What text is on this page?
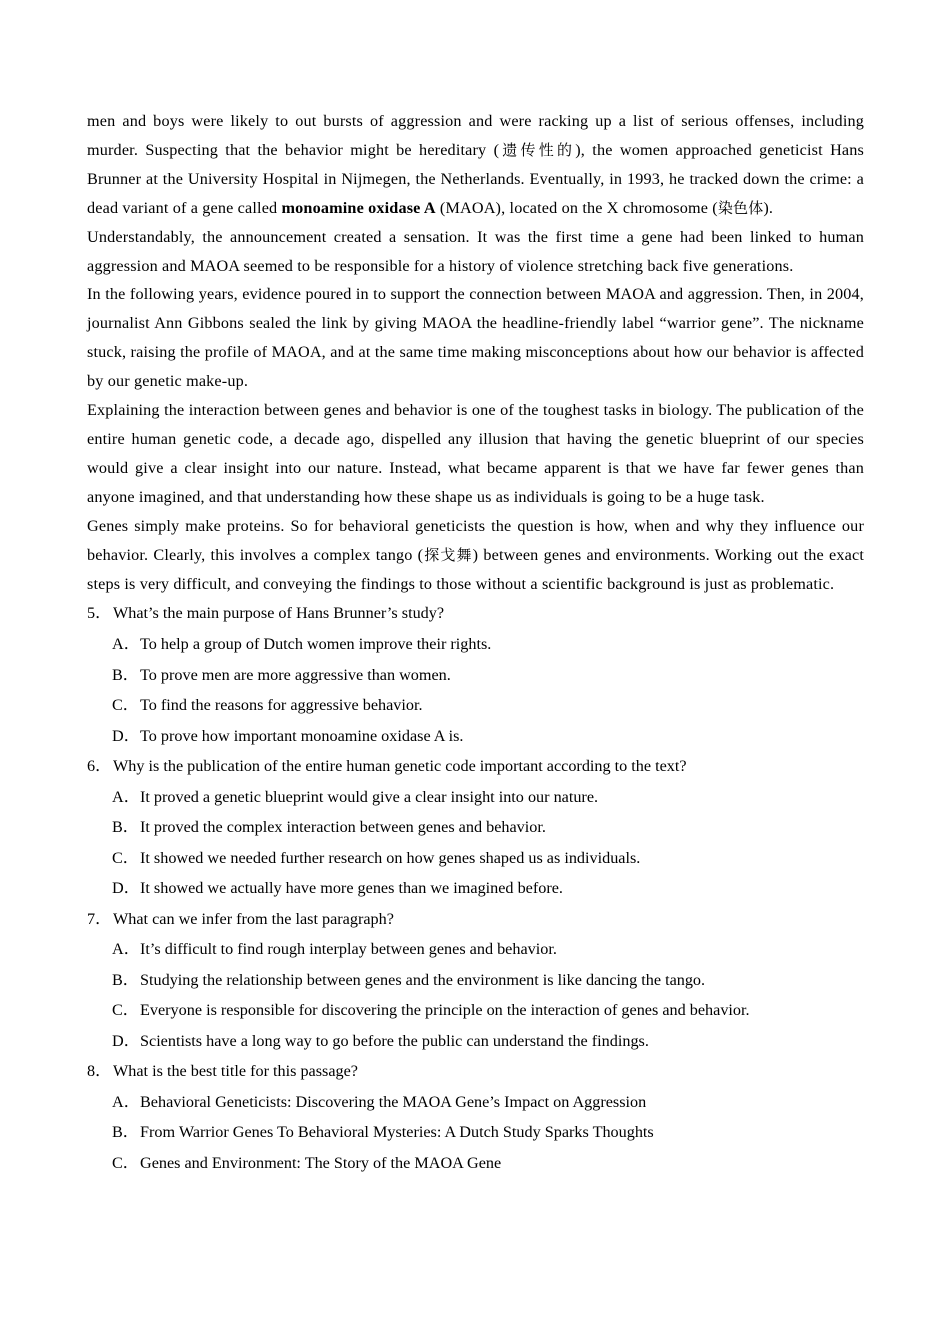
men and boys were likely to out bursts of aggression and were racking up a list of serious offenses, including murder. Suspecting that the behavior might be hereditary (遗传性的), the women approached geneticist Hans Brunner at the University Hospital in Nijmegen, the Netherlands. Eventually, in 1993, he tracked down the crime: a dead variant of a gene called monoamine oxidase A (MAOA), located on the X chromosome (染色体).

Understandably, the announcement created a sensation. It was the first time a gene had been linked to human aggression and MAOA seemed to be responsible for a history of violence stretching back five generations.

In the following years, evidence poured in to support the connection between MAOA and aggression. Then, in 2004, journalist Ann Gibbons sealed the link by giving MAOA the headline-friendly label “warrior gene”. The nickname stuck, raising the profile of MAOA, and at the same time making misconceptions about how our behavior is affected by our genetic make-up.

Explaining the interaction between genes and behavior is one of the toughest tasks in biology. The publication of the entire human genetic code, a decade ago, dispelled any illusion that having the genetic blueprint of our species would give a clear insight into our nature. Instead, what became apparent is that we have far fewer genes than anyone imagined, and that understanding how these shape us as individuals is going to be a huge task.

Genes simply make proteins. So for behavioral geneticists the question is how, when and why they influence our behavior. Clearly, this involves a complex tango (探戈舞) between genes and environments. Working out the exact steps is very difficult, and conveying the findings to those without a scientific background is just as problematic.

5． What’s the main purpose of Hans Brunner’s study?
A．To help a group of Dutch women improve their rights.
B．To prove men are more aggressive than women.
C．To find the reasons for aggressive behavior.
D．To prove how important monoamine oxidase A is.
6． Why is the publication of the entire human genetic code important according to the text?
A．It proved a genetic blueprint would give a clear insight into our nature.
B．It proved the complex interaction between genes and behavior.
C．It showed we needed further research on how genes shaped us as individuals.
D．It showed we actually have more genes than we imagined before.
7． What can we infer from the last paragraph?
A．It’s difficult to find rough interplay between genes and behavior.
B．Studying the relationship between genes and the environment is like dancing the tango.
C．Everyone is responsible for discovering the principle on the interaction of genes and behavior.
D．Scientists have a long way to go before the public can understand the findings.
8． What is the best title for this passage?
A．Behavioral Geneticists: Discovering the MAOA Gene’s Impact on Aggression
B．From Warrior Genes To Behavioral Mysteries: A Dutch Study Sparks Thoughts
C．Genes and Environment: The Story of the MAOA Gene
